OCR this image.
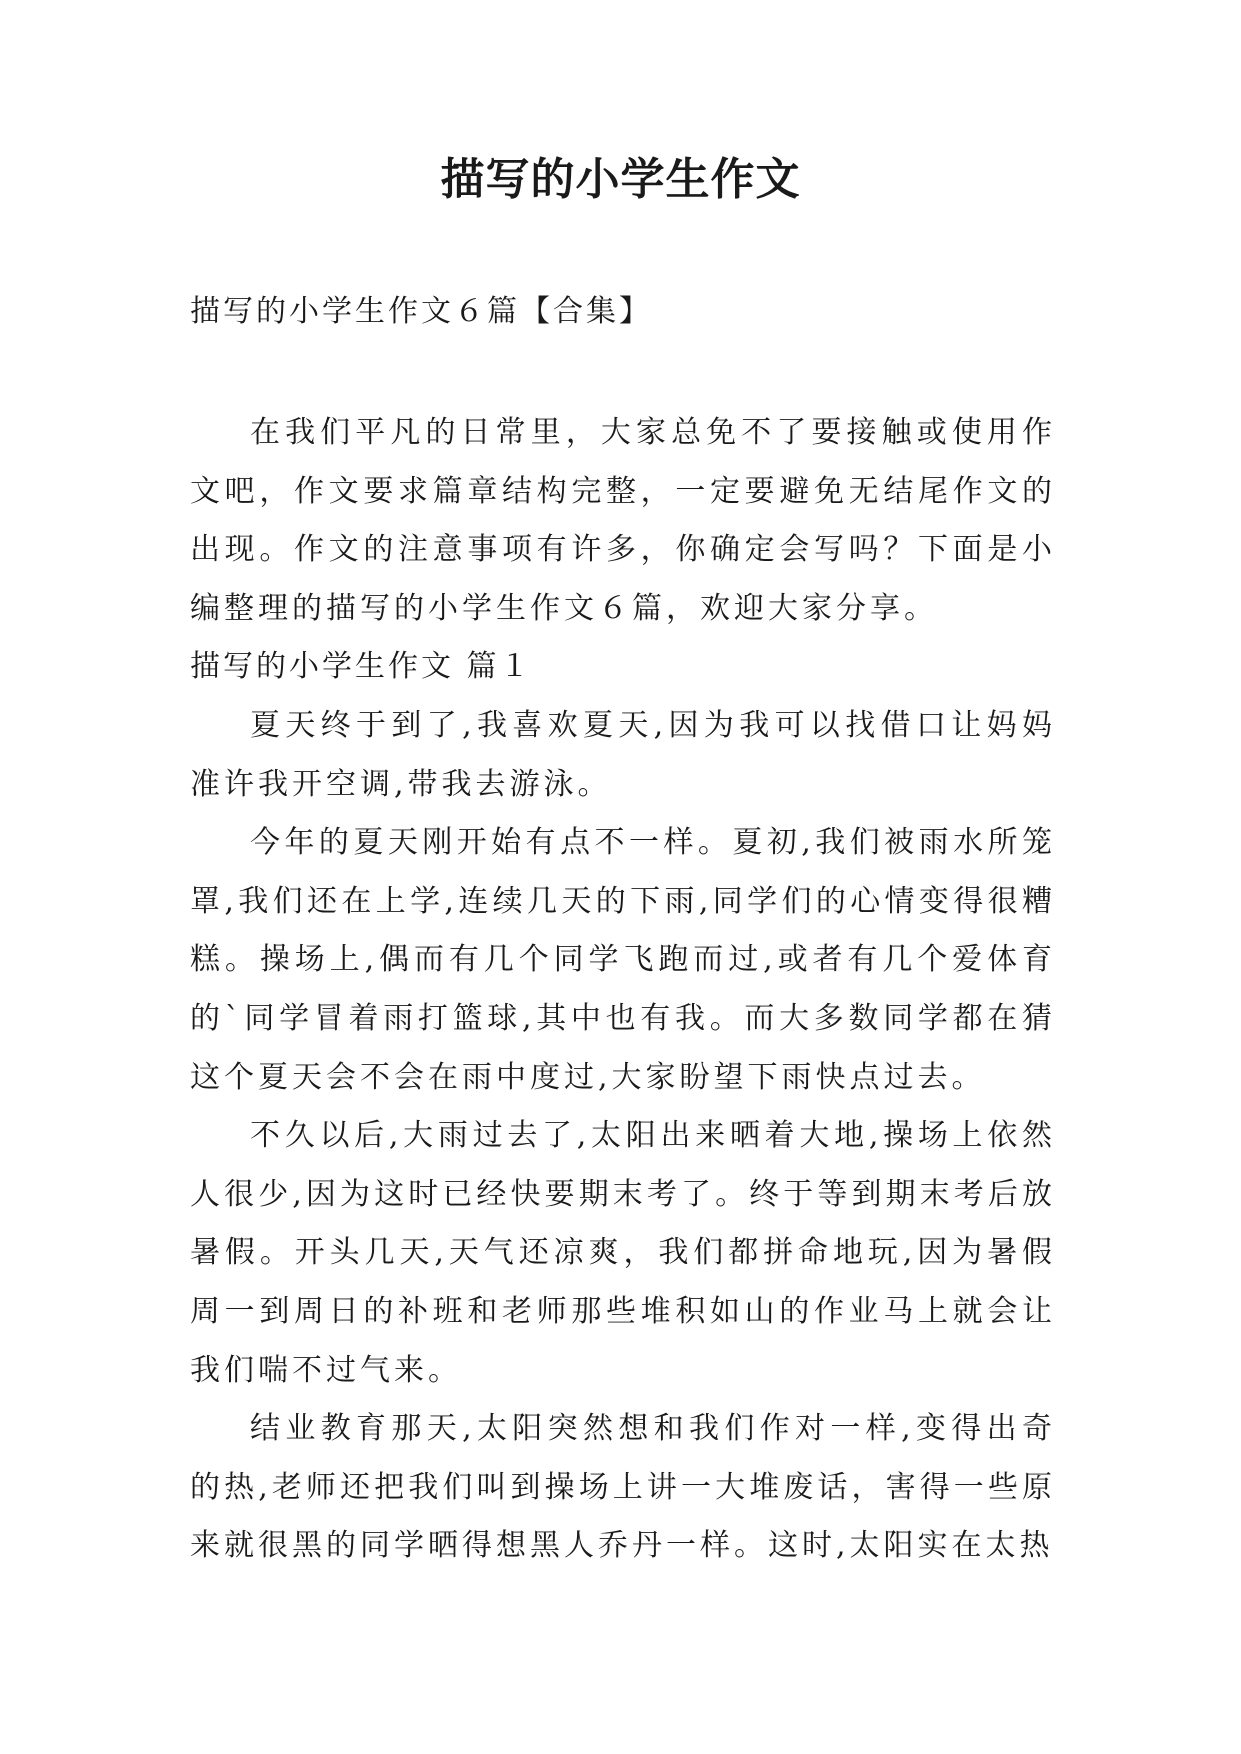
描写的小学生作文
描写的小学生作文６篇【合集】

在我们平凡的日常里，大家总免不了要接触或使用作文吧，作文要求篇章结构完整，一定要避免无结尾作文的出现。作文的注意事项有许多，你确定会写吗？下面是小编整理的描写的小学生作文６篇，欢迎大家分享。

描写的小学生作文 篇１

夏天终于到了,我喜欢夏天,因为我可以找借口让妈妈准许我开空调,带我去游泳。

今年的夏天刚开始有点不一样。夏初,我们被雨水所笼罩,我们还在上学,连续几天的下雨,同学们的心情变得很糟糕。操场上,偶而有几个同学飞跑而过,或者有几个爱体育的`同学冒着雨打篮球,其中也有我。而大多数同学都在猜这个夏天会不会在雨中度过,大家盼望下雨快点过去。

不久以后,大雨过去了,太阳出来晒着大地,操场上依然人很少,因为这时已经快要期末考了。终于等到期末考后放暑假。开头几天,天气还凉爽，我们都拼命地玩,因为暑假周一到周日的补班和老师那些堆积如山的作业马上就会让我们喘不过气来。

结业教育那天,太阳突然想和我们作对一样,变得出奇的热,老师还把我们叫到操场上讲一大堆废话，害得一些原来就很黑的同学晒得想黑人乔丹一样。这时,太阳实在太热
